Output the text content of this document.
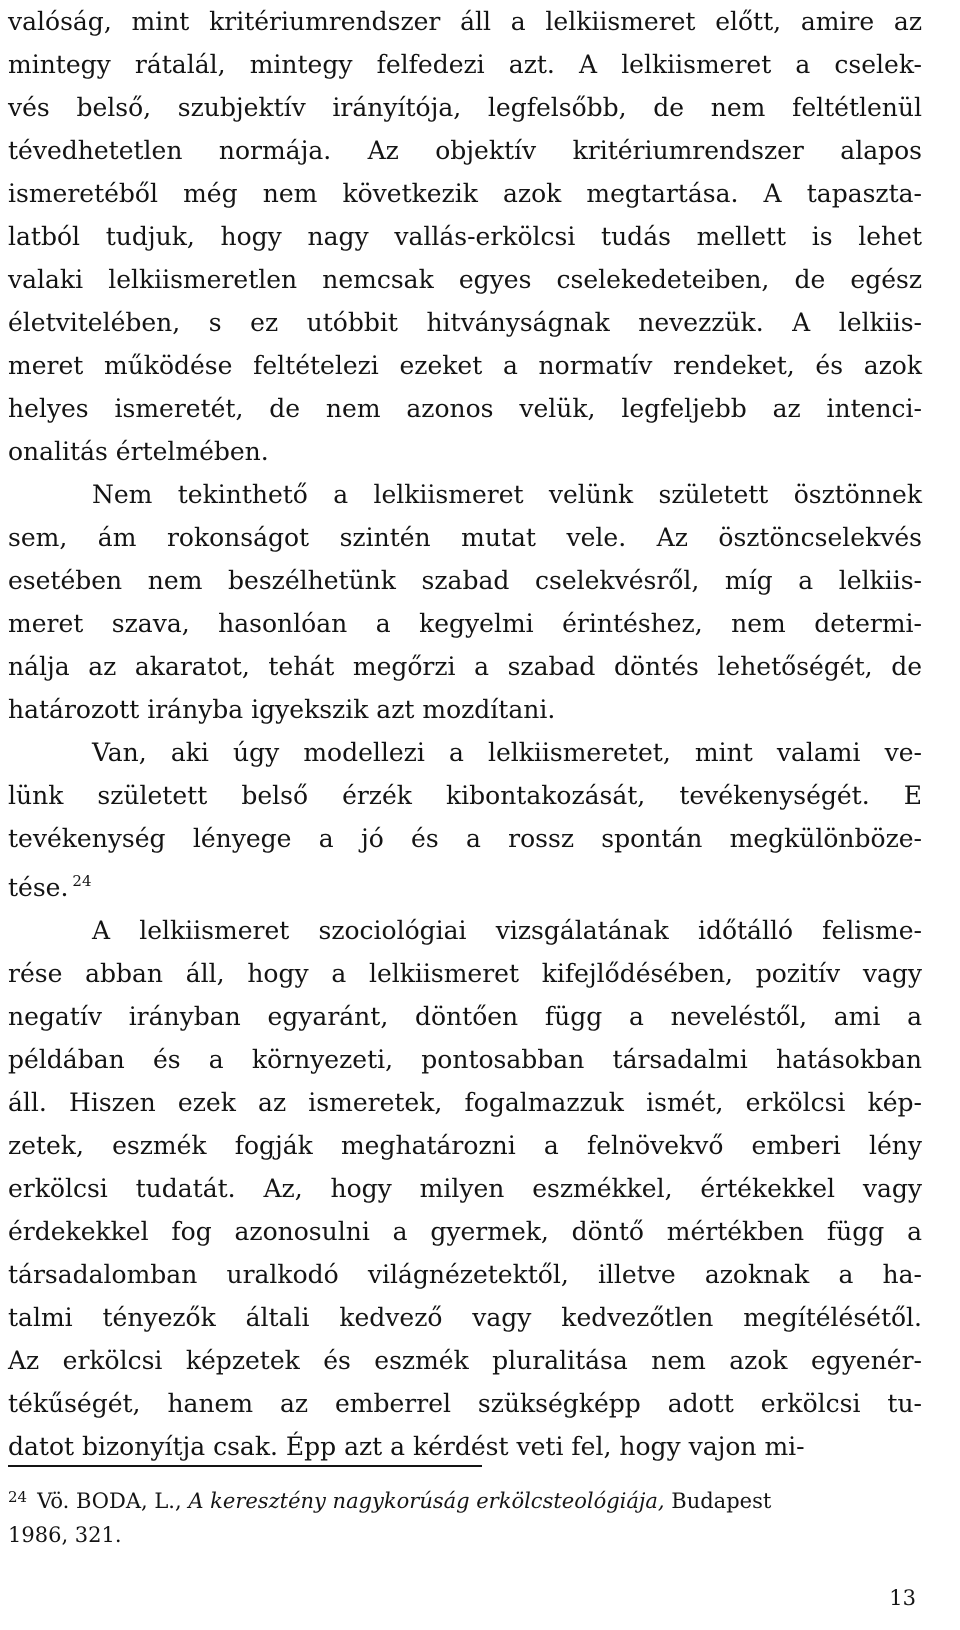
valóság, mint kritériumrendszer áll a lelkiismeret előtt, amire az
mintegy rátalál, mintegy felfedezi azt. A lelkiismeret a cselek-
vés belső, szubjektív irányítója, legfelsőbb, de nem feltétlenül
tévedhetetlen normája. Az objektív kritériumrendszer alapos
ismeretéből még nem következik azok megtartása. A tapaszta-
latból tudjuk, hogy nagy vallás-erkölcsi tudás mellett is lehet
valaki lelkiismeretlen nemcsak egyes cselekedeteiben, de egész
életvitelében, s ez utóbbit hitványságnak nevezzük. A lelkiis-
meret működése feltételezi ezeket a normatív rendeket, és azok
helyes ismeretét, de nem azonos velük, legfeljebb az intenci-
onalitás értelmében.

Nem tekinthető a lelkiismeret velünk született ösztönnek
sem, ám rokonságot szintén mutat vele. Az ösztöncselekvés
esetében nem beszélhetünk szabad cselekvésről, míg a lelkiis-
meret szava, hasonlóan a kegyelmi érintéshez, nem determi-
nálja az akaratot, tehát megőrzi a szabad döntés lehetőségét, de
határozott irányba igyekszik azt mozdítani.

Van, aki úgy modellezi a lelkiismeretet, mint valami ve-
lünk született belső érzék kibontakozását, tevékenységét. E
tevékenység lényege a jó és a rossz spontán megkülönböze-
tése. $^{24}$

A lelkiismeret szociológiai vizsgálatának időtálló felisme-
rése abban áll, hogy a lelkiismeret kifejlődésében, pozitív vagy
negatív irányban egyaránt, döntően függ a neveléstől, ami a
példában és a környezeti, pontosabban társadalmi hatásokban
áll. Hiszen ezek az ismeretek, fogalmazzuk ismét, erkölcsi kép-
zetek, eszmék fogják meghatározni a felnövekvő emberi lény
erkölcsi tudatát. Az, hogy milyen eszmékkel, értékekkel vagy
érdekekkel fog azonosulni a gyermek, döntő mértékben függ a
társadalomban uralkodó világnézetektől, illetve azoknak a ha-
talmi tényezők általi kedvező vagy kedvezőtlen megítélésétől.
Az erkölcsi képzetek és eszmék pluralitása nem azok egyenér-
tékűségét, hanem az emberrel szükségképp adott erkölcsi tu-
datot bizonyítja csak. Épp azt a kérdést veti fel, hogy vajon mi-

$^{24}$ Vö. BODA, L., A keresztény nagykorúság erkölcsteológiája, Budapest
1986, 321.
13
